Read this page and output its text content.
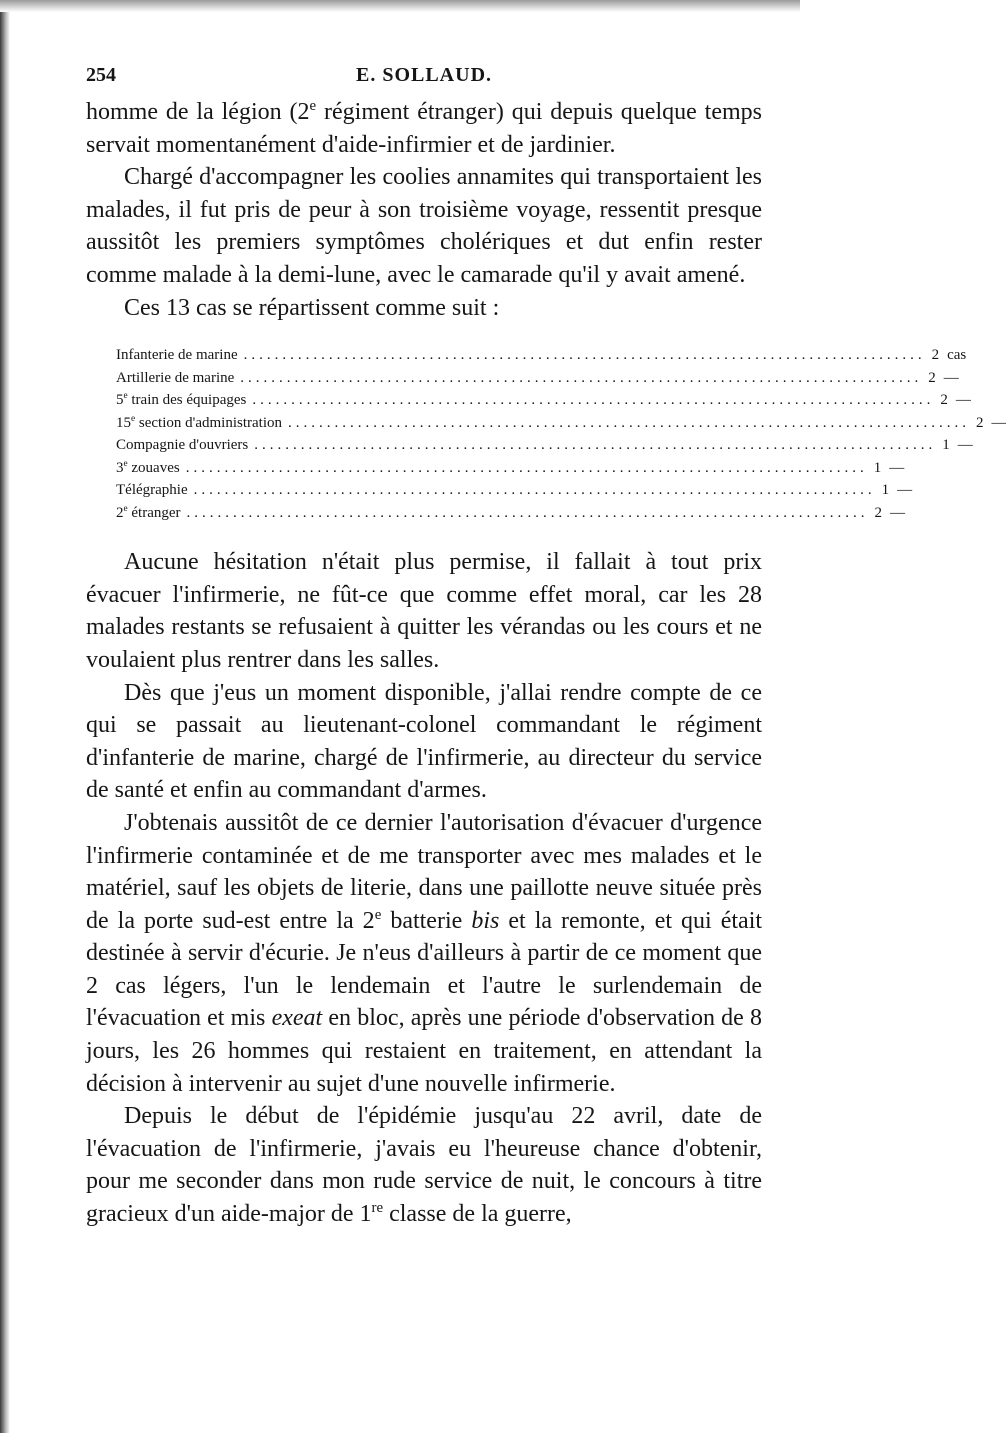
254	E. SOLLAUD.

homme de la légion (2e régiment étranger) qui depuis quelque temps servait momentanément d'aide-infirmier et de jardinier.

Chargé d'accompagner les coolies annamites qui transportaient les malades, il fut pris de peur à son troisième voyage, ressentit presque aussitôt les premiers symptômes cholériques et dut enfin rester comme malade à la demi-lune, avec le camarade qu'il y avait amené.

Ces 13 cas se répartissent comme suit :

Infanterie de marine ........................................................................................ 2 cas
Artillerie de marine ........................................................................................ 2 —
5e train des équipages ........................................................................................ 2 —
15e section d'administration ........................................................................................ 2 —
Compagnie d'ouvriers ........................................................................................ 1 —
3e zouaves ........................................................................................ 1 —
Télégraphie ........................................................................................ 1 —
2e étranger ........................................................................................ 2 —

Aucune hésitation n'était plus permise, il fallait à tout prix évacuer l'infirmerie, ne fût-ce que comme effet moral, car les 28 malades restants se refusaient à quitter les vérandas ou les cours et ne voulaient plus rentrer dans les salles.

Dès que j'eus un moment disponible, j'allai rendre compte de ce qui se passait au lieutenant-colonel commandant le régiment d'infanterie de marine, chargé de l'infirmerie, au directeur du service de santé et enfin au commandant d'armes.

J'obtenais aussitôt de ce dernier l'autorisation d'évacuer d'urgence l'infirmerie contaminée et de me transporter avec mes malades et le matériel, sauf les objets de literie, dans une paillotte neuve située près de la porte sud-est entre la 2e batterie bis et la remonte, et qui était destinée à servir d'écurie. Je n'eus d'ailleurs à partir de ce moment que 2 cas légers, l'un le lendemain et l'autre le surlendemain de l'évacuation et mis exeat en bloc, après une période d'observation de 8 jours, les 26 hommes qui restaient en traitement, en attendant la décision à intervenir au sujet d'une nouvelle infirmerie.

Depuis le début de l'épidémie jusqu'au 22 avril, date de l'évacuation de l'infirmerie, j'avais eu l'heureuse chance d'obtenir, pour me seconder dans mon rude service de nuit, le concours à titre gracieux d'un aide-major de 1re classe de la guerre,
